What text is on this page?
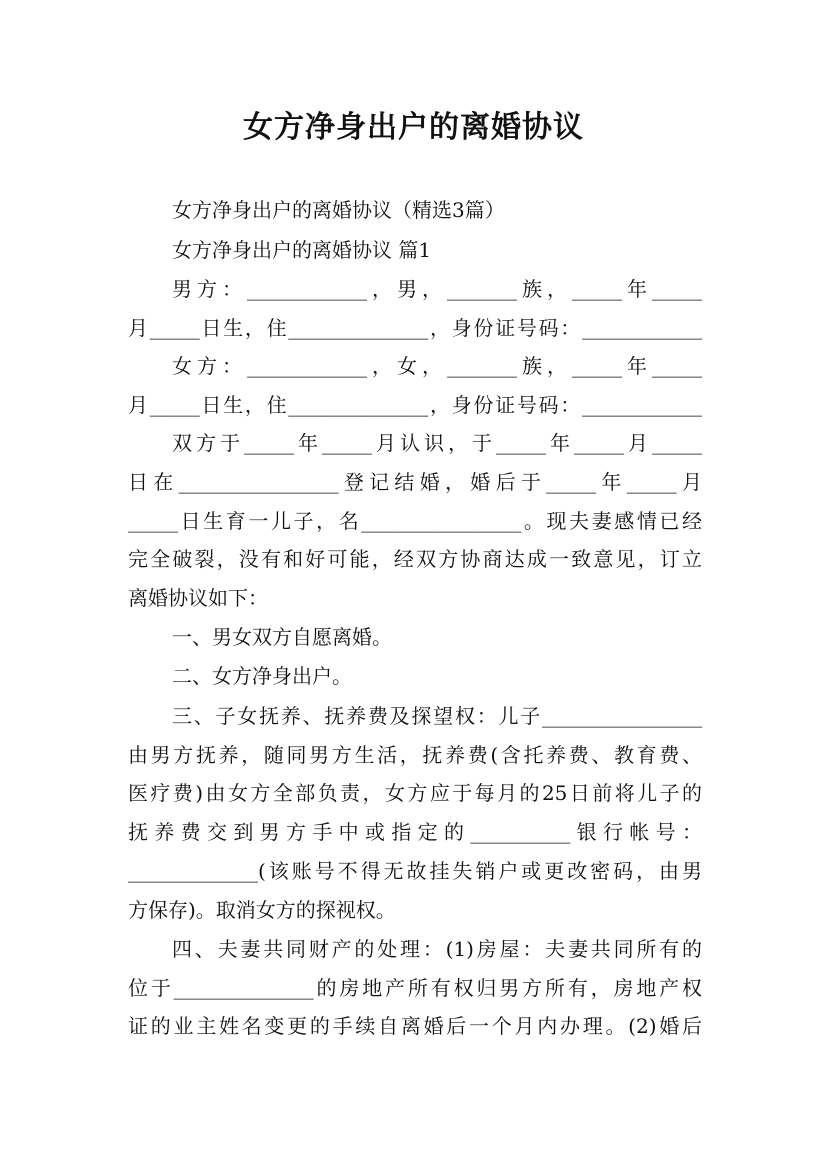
女方净身出户的离婚协议
女方净身出户的离婚协议（精选3篇）
女方净身出户的离婚协议 篇1
男方：____________，男，_______族，_____年_____
月_____日生，住______________，身份证号码：____________
女方：____________，女，_______族，_____年_____
月_____日生，住______________，身份证号码：____________
双方于_____年_____月认识，于_____年_____月_____
日在________________登记结婚，婚后于_____年_____月
_____日生育一儿子，名________________。现夫妻感情已经
完全破裂，没有和好可能，经双方协商达成一致意见，订立
离婚协议如下：
一、男女双方自愿离婚。
二、女方净身出户。
三、子女抚养、抚养费及探望权：儿子________________
由男方抚养，随同男方生活，抚养费(含托养费、教育费、
医疗费)由女方全部负责，女方应于每月的25日前将儿子的
抚养费交到男方手中或指定的__________银行帐号：
_____________(该账号不得无故挂失销户或更改密码，由男
方保存)。取消女方的探视权。
四、夫妻共同财产的处理：(1)房屋：夫妻共同所有的
位于______________的房地产所有权归男方所有，房地产权
证的业主姓名变更的手续自离婚后一个月内办理。(2)婚后
